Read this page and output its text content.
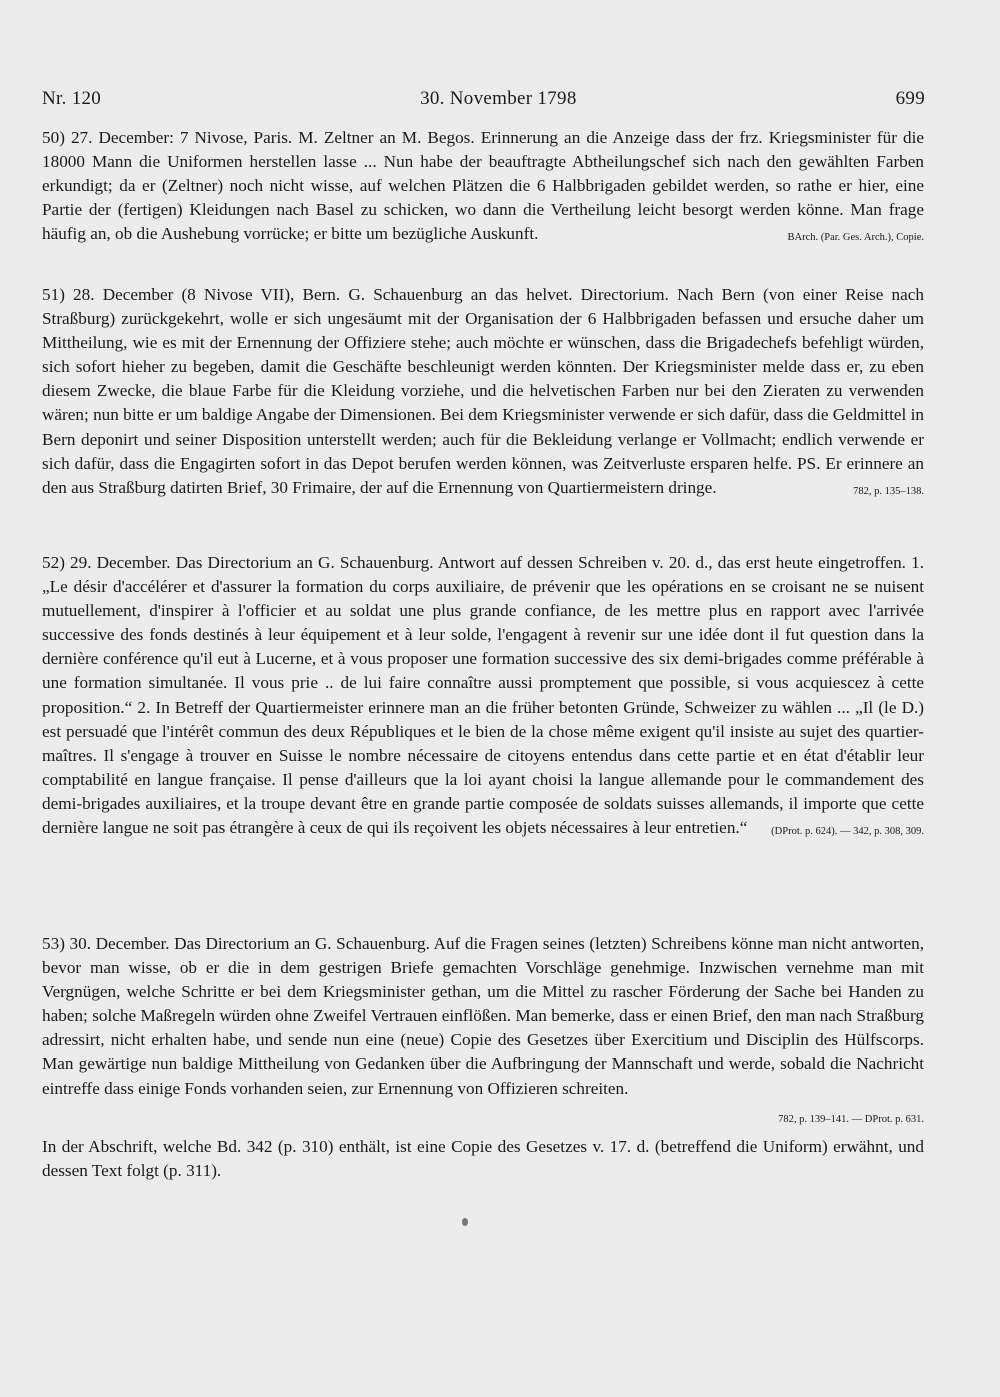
Nr. 120	30. November 1798	699
50) 27. December: 7 Nivose, Paris. M. Zeltner an M. Begos. Erinnerung an die Anzeige dass der frz. Kriegsminister für die 18000 Mann die Uniformen herstellen lasse ... Nun habe der beauftragte Abtheilungschef sich nach den gewählten Farben erkundigt; da er (Zeltner) noch nicht wisse, auf welchen Plätzen die 6 Halbbrigaden gebildet werden, so rathe er hier, eine Partie der (fertigen) Kleidungen nach Basel zu schicken, wo dann die Vertheilung leicht besorgt werden könne. Man frage häufig an, ob die Aushebung vorrücke; er bitte um bezügliche Auskunft.	BArch. (Par. Ges. Arch.), Copie.
51) 28. December (8 Nivose VII), Bern. G. Schauenburg an das helvet. Directorium. Nach Bern (von einer Reise nach Straßburg) zurückgekehrt, wolle er sich ungesäumt mit der Organisation der 6 Halbbrigaden befassen und ersuche daher um Mittheilung, wie es mit der Ernennung der Offiziere stehe; auch möchte er wünschen, dass die Brigadechefs befehligt würden, sich sofort hieher zu begeben, damit die Geschäfte beschleunigt werden könnten. Der Kriegsminister melde dass er, zu eben diesem Zwecke, die blaue Farbe für die Kleidung vorziehe, und die helvetischen Farben nur bei den Zieraten zu verwenden wären; nun bitte er um baldige Angabe der Dimensionen. Bei dem Kriegsminister verwende er sich dafür, dass die Geldmittel in Bern deponirt und seiner Disposition unterstellt werden; auch für die Bekleidung verlange er Vollmacht; endlich verwende er sich dafür, dass die Engagirten sofort in das Depot berufen werden können, was Zeitverluste ersparen helfe. PS. Er erinnere an den aus Straßburg datirten Brief, 30 Frimaire, der auf die Ernennung von Quartiermeistern dringe.	782, p. 135–138.
52) 29. December. Das Directorium an G. Schauenburg. Antwort auf dessen Schreiben v. 20. d., das erst heute eingetroffen. 1. „Le désir d'accélérer et d'assurer la formation du corps auxiliaire, de prévenir que les opérations en se croisant ne se nuisent mutuellement, d'inspirer à l'officier et au soldat une plus grande confiance, de les mettre plus en rapport avec l'arrivée successive des fonds destinés à leur équipement et à leur solde, l'engagent à revenir sur une idée dont il fut question dans la dernière conférence qu'il eut à Lucerne, et à vous proposer une formation successive des six demi-brigades comme préférable à une formation simultanée. Il vous prie .. de lui faire connaître aussi promptement que possible, si vous acquiescez à cette proposition.“ 2. In Betreff der Quartiermeister erinnere man an die früher betonten Gründe, Schweizer zu wählen ... „Il (le D.) est persuadé que l'intérêt commun des deux Républiques et le bien de la chose même exigent qu'il insiste au sujet des quartier-maîtres. Il s'engage à trouver en Suisse le nombre nécessaire de citoyens entendus dans cette partie et en état d'établir leur comptabilité en langue française. Il pense d'ailleurs que la loi ayant choisi la langue allemande pour le commandement des demi-brigades auxiliaires, et la troupe devant être en grande partie composée de soldats suisses allemands, il importe que cette dernière langue ne soit pas étrangère à ceux de qui ils reçoivent les objets nécessaires à leur entretien.“ (DProt. p. 624). — 342, p. 308, 309.
53) 30. December. Das Directorium an G. Schauenburg. Auf die Fragen seines (letzten) Schreibens könne man nicht antworten, bevor man wisse, ob er die in dem gestrigen Briefe gemachten Vorschläge genehmige. Inzwischen vernehme man mit Vergnügen, welche Schritte er bei dem Kriegsminister gethan, um die Mittel zu rascher Förderung der Sache bei Handen zu haben; solche Maßregeln würden ohne Zweifel Vertrauen einflößen. Man bemerke, dass er einen Brief, den man nach Straßburg adressirt, nicht erhalten habe, und sende nun eine (neue) Copie des Gesetzes über Exercitium und Disciplin des Hülfscorps. Man gewärtige nun baldige Mittheilung von Gedanken über die Aufbringung der Mannschaft und werde, sobald die Nachricht eintreffe dass einige Fonds vorhanden seien, zur Ernennung von Offizieren schreiten.
782, p. 139–141. — DProt. p. 631.
In der Abschrift, welche Bd. 342 (p. 310) enthält, ist eine Copie des Gesetzes v. 17. d. (betreffend die Uniform) erwähnt, und dessen Text folgt (p. 311).
